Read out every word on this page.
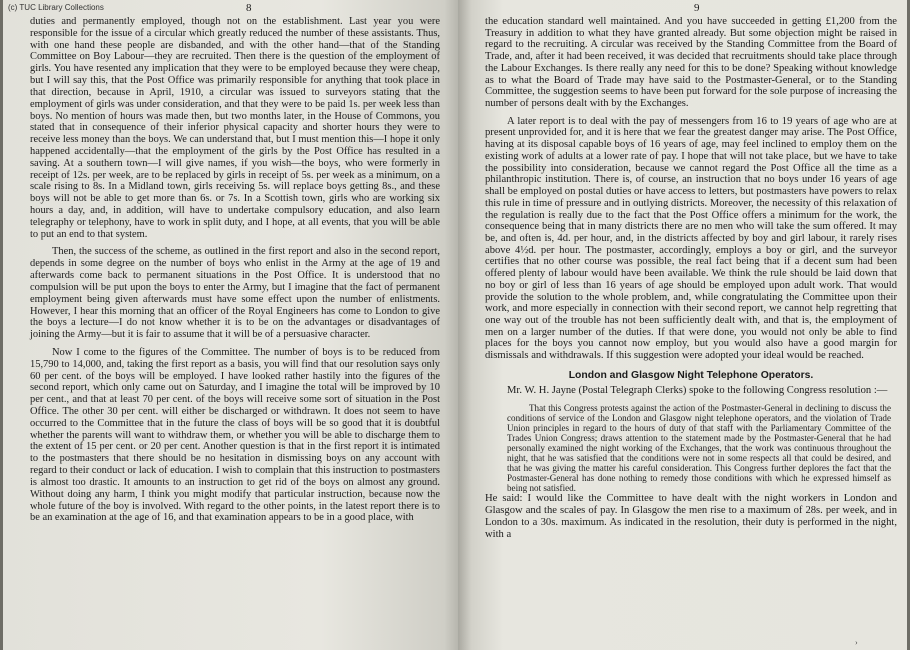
(c) TUC Library Collections	8

duties and permanently employed, though not on the establishment. Last year you were responsible for the issue of a circular which greatly reduced the number of these assistants. Thus, with one hand these people are disbanded, and with the other hand—that of the Standing Committee on Boy Labour—they are recruited. Then there is the question of the employment of girls. You have resented any implication that they were to be employed because they were cheap, but I will say this, that the Post Office was primarily responsible for anything that took place in that direction, because in April, 1910, a circular was issued to surveyors stating that the employment of girls was under consideration, and that they were to be paid 1s. per week less than boys. No mention of hours was made then, but two months later, in the House of Commons, you stated that in consequence of their inferior physical capacity and shorter hours they were to receive less money than the boys. We can understand that, but I must mention this—I hope it only happened accidentally—that the employment of the girls by the Post Office has resulted in a saving. At a southern town—I will give names, if you wish—the boys, who were formerly in receipt of 12s. per week, are to be replaced by girls in receipt of 5s. per week as a minimum, on a scale rising to 8s. In a Midland town, girls receiving 5s. will replace boys getting 8s., and these boys will not be able to get more than 6s. or 7s. In a Scottish town, girls who are working six hours a day, and, in addition, will have to undertake compulsory education, and also learn telegraphy or telephony, have to work in split duty, and I hope, at all events, that you will be able to put an end to that system.

Then, the success of the scheme, as outlined in the first report and also in the second report, depends in some degree on the number of boys who enlist in the Army at the age of 19 and afterwards come back to permanent situations in the Post Office. It is understood that no compulsion will be put upon the boys to enter the Army, but I imagine that the fact of permanent employment being given afterwards must have some effect upon the number of enlistments. However, I hear this morning that an officer of the Royal Engineers has come to London to give the boys a lecture—I do not know whether it is to be on the advantages or disadvantages of joining the Army—but it is fair to assume that it will be of a persuasive character.

Now I come to the figures of the Committee. The number of boys is to be reduced from 15,790 to 14,000, and, taking the first report as a basis, you will find that our resolution says only 60 per cent. of the boys will be employed. I have looked rather hastily into the figures of the second report, which only came out on Saturday, and I imagine the total will be improved by 10 per cent., and that at least 70 per cent. of the boys will receive some sort of situation in the Post Office. The other 30 per cent. will either be discharged or withdrawn. It does not seem to have occurred to the Committee that in the future the class of boys will be so good that it is doubtful whether the parents will want to withdraw them, or whether you will be able to discharge them to the extent of 15 per cent. or 20 per cent. Another question is that in the first report it is intimated to the postmasters that there should be no hesitation in dismissing boys on any account with regard to their conduct or lack of education. I wish to complain that this instruction to postmasters is almost too drastic. It amounts to an instruction to get rid of the boys on almost any ground. Without doing any harm, I think you might modify that particular instruction, because now the whole future of the boy is involved. With regard to the other points, in the latest report there is to be an examination at the age of 16, and that examination appears to be in a good place, with

9

the education standard well maintained. And you have succeeded in getting £1,200 from the Treasury in addition to what they have granted already. But some objection might be raised in regard to the recruiting. A circular was received by the Standing Committee from the Board of Trade, and, after it had been received, it was decided that recruitments should take place through the Labour Exchanges. Is there really any need for this to be done? Speaking without knowledge as to what the Board of Trade may have said to the Postmaster-General, or to the Standing Committee, the suggestion seems to have been put forward for the sole purpose of increasing the number of persons dealt with by the Exchanges.

A later report is to deal with the pay of messengers from 16 to 19 years of age who are at present unprovided for, and it is here that we fear the greatest danger may arise. The Post Office, having at its disposal capable boys of 16 years of age, may feel inclined to employ them on the existing work of adults at a lower rate of pay. I hope that will not take place, but we have to take the possibility into consideration, because we cannot regard the Post Office all the time as a philanthropic institution. There is, of course, an instruction that no boys under 16 years of age shall be employed on postal duties or have access to letters, but postmasters have powers to relax this rule in time of pressure and in outlying districts. Moreover, the necessity of this relaxation of the regulation is really due to the fact that the Post Office offers a minimum for the work, the consequence being that in many districts there are no men who will take the sum offered. It may be, and often is, 4d. per hour, and, in the districts affected by boy and girl labour, it rarely rises above 4½d. per hour. The postmaster, accordingly, employs a boy or girl, and the surveyor certifies that no other course was possible, the real fact being that if a decent sum had been offered plenty of labour would have been available. We think the rule should be laid down that no boy or girl of less than 16 years of age should be employed upon adult work. That would provide the solution to the whole problem, and, while congratulating the Committee upon their work, and more especially in connection with their second report, we cannot help regretting that one way out of the trouble has not been sufficiently dealt with, and that is, the employment of men on a larger number of the duties. If that were done, you would not only be able to find places for the boys you cannot now employ, but you would also have a good margin for dismissals and withdrawals. If this suggestion were adopted your ideal would be reached.

London and Glasgow Night Telephone Operators.

Mr. W. H. Jayne (Postal Telegraph Clerks) spoke to the following Congress resolution :—

That this Congress protests against the action of the Postmaster-General in declining to discuss the conditions of service of the London and Glasgow night telephone operators, and the violation of Trade Union principles in regard to the hours of duty of that staff with the Parliamentary Committee of the Trades Union Congress; draws attention to the statement made by the Postmaster-General that he had personally examined the night working of the Exchanges, that the work was continuous throughout the night, that he was satisfied that the conditions were not in some respects all that could be desired, and that he was giving the matter his careful consideration. This Congress further deplores the fact that the Postmaster-General has done nothing to remedy those conditions with which he expressed himself as being not satisfied.

He said: I would like the Committee to have dealt with the night workers in London and Glasgow and the scales of pay. In Glasgow the men rise to a maximum of 28s. per week, and in London to a 30s. maximum. As indicated in the resolution, their duty is performed in the night, with a

›
